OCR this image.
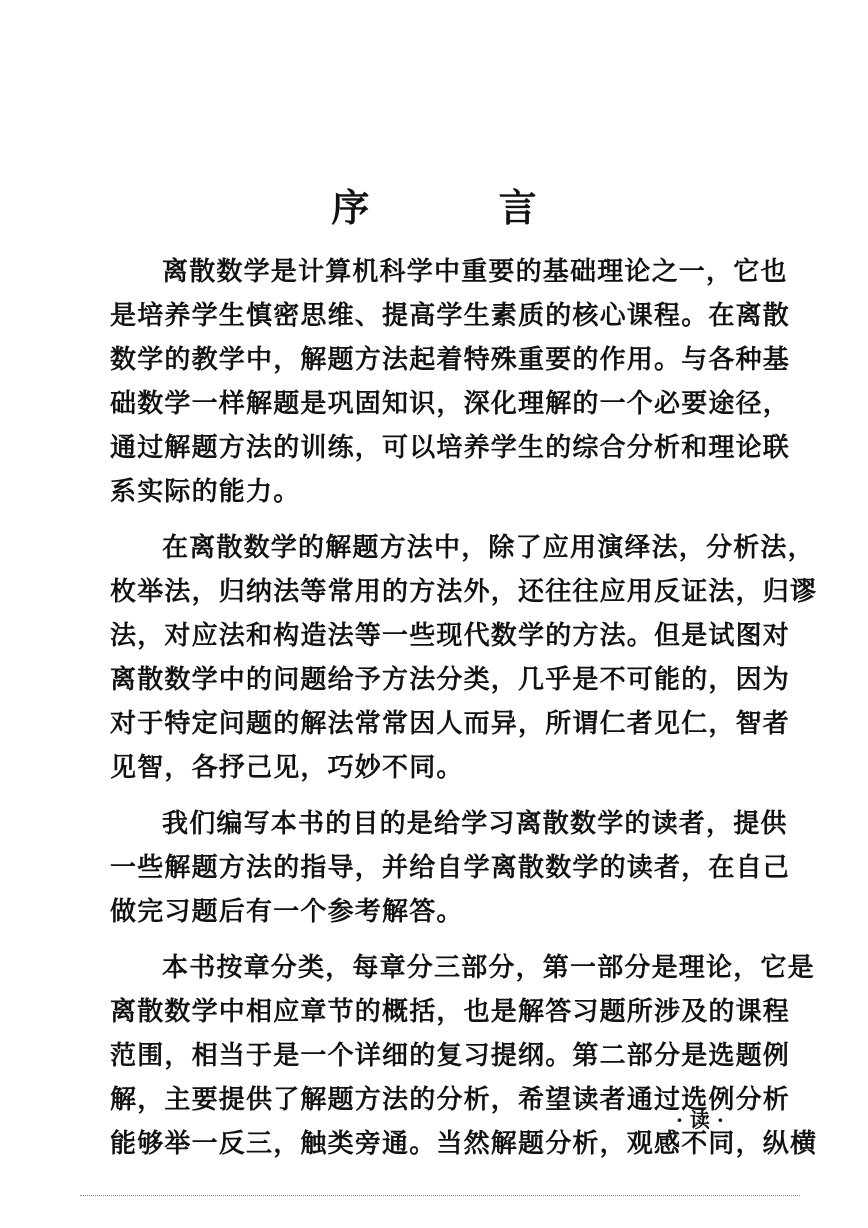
序 言
离散数学是计算机科学中重要的基础理论之一，它也
是培养学生慎密思维、提高学生素质的核心课程。在离散
数学的教学中，解题方法起着特殊重要的作用。与各种基
础数学一样解题是巩固知识，深化理解的一个必要途径，
通过解题方法的训练，可以培养学生的综合分析和理论联
系实际的能力。
在离散数学的解题方法中，除了应用演绎法，分析法，
枚举法，归纳法等常用的方法外，还往往应用反证法，归谬
法，对应法和构造法等一些现代数学的方法。但是试图对
离散数学中的问题给予方法分类，几乎是不可能的，因为
对于特定问题的解法常常因人而异，所谓仁者见仁，智者
见智，各抒己见，巧妙不同。
我们编写本书的目的是给学习离散数学的读者，提供
一些解题方法的指导，并给自学离散数学的读者，在自己
做完习题后有一个参考解答。
本书按章分类，每章分三部分，第一部分是理论，它是
离散数学中相应章节的概括，也是解答习题所涉及的课程
范围，相当于是一个详细的复习提纲。第二部分是选题例
解，主要提供了解题方法的分析，希望读者通过选例分析
能够举一反三，触类旁通。当然解题分析，观感不同，纵横
· 读 ·
